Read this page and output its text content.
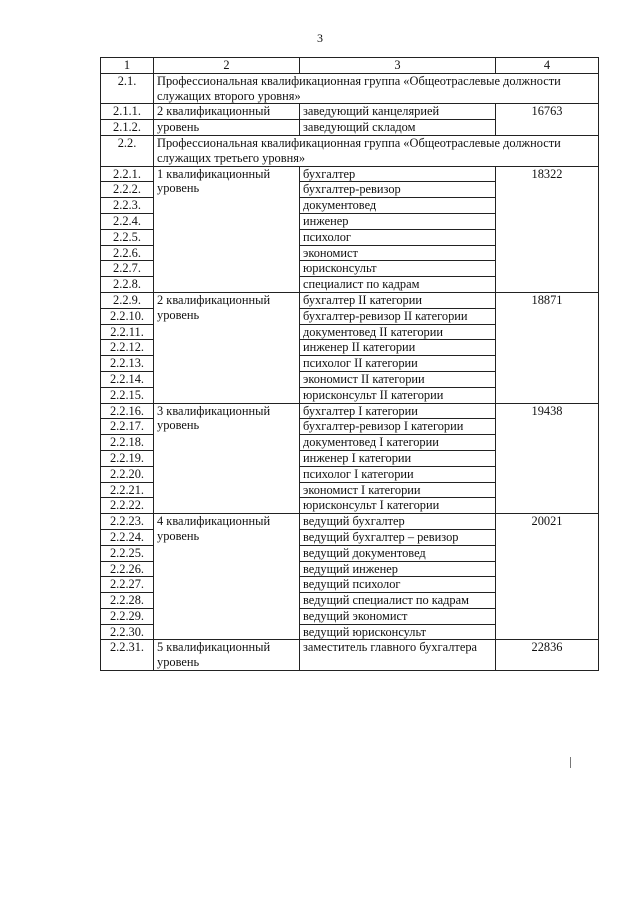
3
1	2	3	4
2.1.	Профессиональная квалификационная группа «Общеотраслевые должности служащих второго уровня»		
2.1.1.	2 квалификационный	заведующий канцелярией	16763
2.1.2.	уровень	заведующий складом	
2.2.	Профессиональная квалификационная группа «Общеотраслевые должности служащих третьего уровня»		
2.2.1.	1 квалификационный уровень	бухгалтер	18322
2.2.2.		бухгалтер-ревизор	
2.2.3.		документовед	
2.2.4.		инженер	
2.2.5.		психолог	
2.2.6.		экономист	
2.2.7.		юрисконсульт	
2.2.8.		специалист по кадрам	
2.2.9.	2 квалификационный уровень	бухгалтер II категории	18871
2.2.10.		бухгалтер-ревизор II категории	
2.2.11.		документовед II категории	
2.2.12.		инженер II категории	
2.2.13.		психолог II категории	
2.2.14.		экономист II категории	
2.2.15.		юрисконсульт II категории	
2.2.16.	3 квалификационный уровень	бухгалтер I категории	19438
2.2.17.		бухгалтер-ревизор I категории	
2.2.18.		документовед I категории	
2.2.19.		инженер I категории	
2.2.20.		психолог I категории	
2.2.21.		экономист I категории	
2.2.22.		юрисконсульт I категории	
2.2.23.	4 квалификационный уровень	ведущий бухгалтер	20021
2.2.24.		ведущий бухгалтер – ревизор	
2.2.25.		ведущий документовед	
2.2.26.		ведущий инженер	
2.2.27.		ведущий психолог	
2.2.28.		ведущий специалист по кадрам	
2.2.29.		ведущий экономист	
2.2.30.		ведущий юрисконсульт	
2.2.31.	5 квалификационный уровень	заместитель главного бухгалтера	22836
